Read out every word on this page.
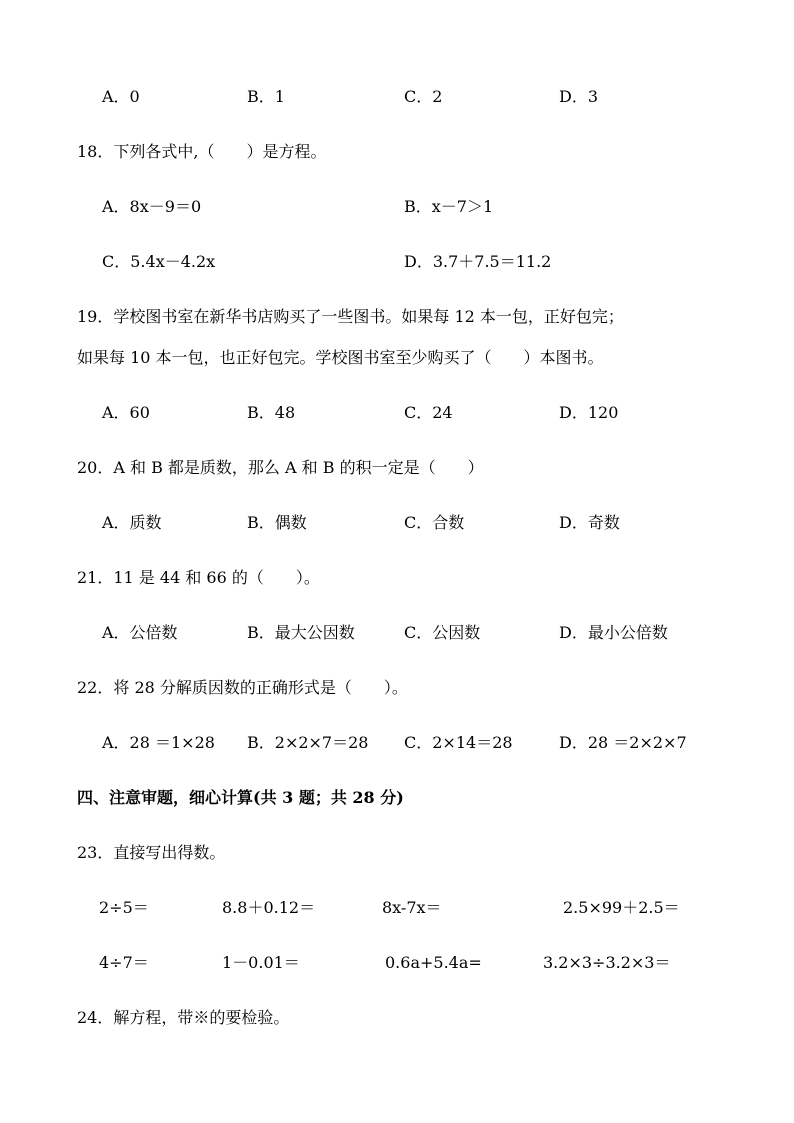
A．0	B．1	C．2	D．3
18．下列各式中,（　　）是方程。
A．8x－9＝0	B．x－7＞1
C．5.4x－4.2x	D．3.7＋7.5＝11.2
19．学校图书室在新华书店购买了一些图书。如果每 12 本一包，正好包完；
如果每 10 本一包，也正好包完。学校图书室至少购买了（　　）本图书。
A．60	B．48	C．24	D．120
20．A 和 B 都是质数，那么 A 和 B 的积一定是（　　）
A．质数	B．偶数	C．合数	D．奇数
21．11 是 44 和 66 的（　　）。
A．公倍数	B．最大公因数	C．公因数	D．最小公倍数
22．将 28 分解质因数的正确形式是（　　）。
A．28 ＝1×28 B．2×2×7＝28 C．2×14＝28	D．28 ＝2×2×7
四、注意审题，细心计算(共 3 题；共 28 分)
23．直接写出得数。
2÷5＝	8.8＋0.12＝	8x-7x＝	2.5×99＋2.5＝
4÷7＝	1－0.01＝	0.6a+5.4a=	3.2×3÷3.2×3＝
24．解方程，带※的要检验。
